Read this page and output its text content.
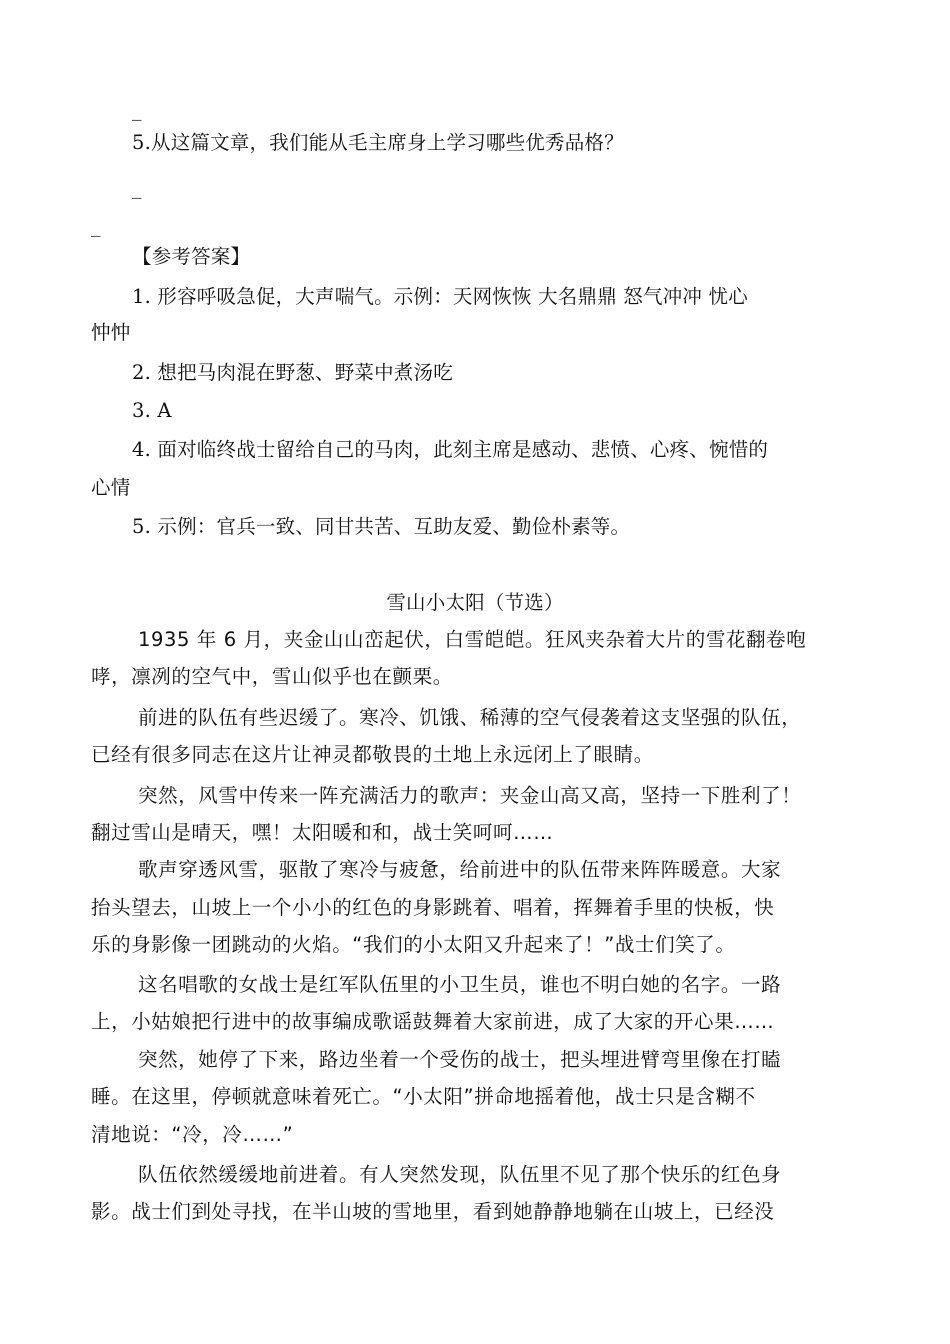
_
5.从这篇文章，我们能从毛主席身上学习哪些优秀品格？
_
_
【参考答案】
1. 形容呼吸急促，大声喘气。示例：天网恢恢 大名鼎鼎 怒气冲冲 忧心
忡忡
2. 想把马肉混在野葱、野菜中煮汤吃
3. A
4. 面对临终战士留给自己的马肉，此刻主席是感动、悲愤、心疼、惋惜的
心情
5. 示例：官兵一致、同甘共苦、互助友爱、勤俭朴素等。
雪山小太阳（节选）
1935 年 6 月，夹金山山峦起伏，白雪皑皑。狂风夹杂着大片的雪花翻卷咆
哮，凛冽的空气中，雪山似乎也在颤栗。
前进的队伍有些迟缓了。寒冷、饥饿、稀薄的空气侵袭着这支坚强的队伍，
已经有很多同志在这片让神灵都敬畏的土地上永远闭上了眼睛。
突然，风雪中传来一阵充满活力的歌声：夹金山高又高，坚持一下胜利了！
翻过雪山是晴天，嘿！太阳暖和和，战士笑呵呵……
歌声穿透风雪，驱散了寒冷与疲惫，给前进中的队伍带来阵阵暖意。大家
抬头望去，山坡上一个小小的红色的身影跳着、唱着，挥舞着手里的快板，快
乐的身影像一团跳动的火焰。“我们的小太阳又升起来了！”战士们笑了。
这名唱歌的女战士是红军队伍里的小卫生员，谁也不明白她的名字。一路
上，小姑娘把行进中的故事编成歌谣鼓舞着大家前进，成了大家的开心果……
突然，她停了下来，路边坐着一个受伤的战士，把头埋进臂弯里像在打瞌
睡。在这里，停顿就意味着死亡。“小太阳”拼命地摇着他，战士只是含糊不
清地说：“冷，冷……”
队伍依然缓缓地前进着。有人突然发现，队伍里不见了那个快乐的红色身
影。战士们到处寻找，在半山坡的雪地里，看到她静静地躺在山坡上，已经没
